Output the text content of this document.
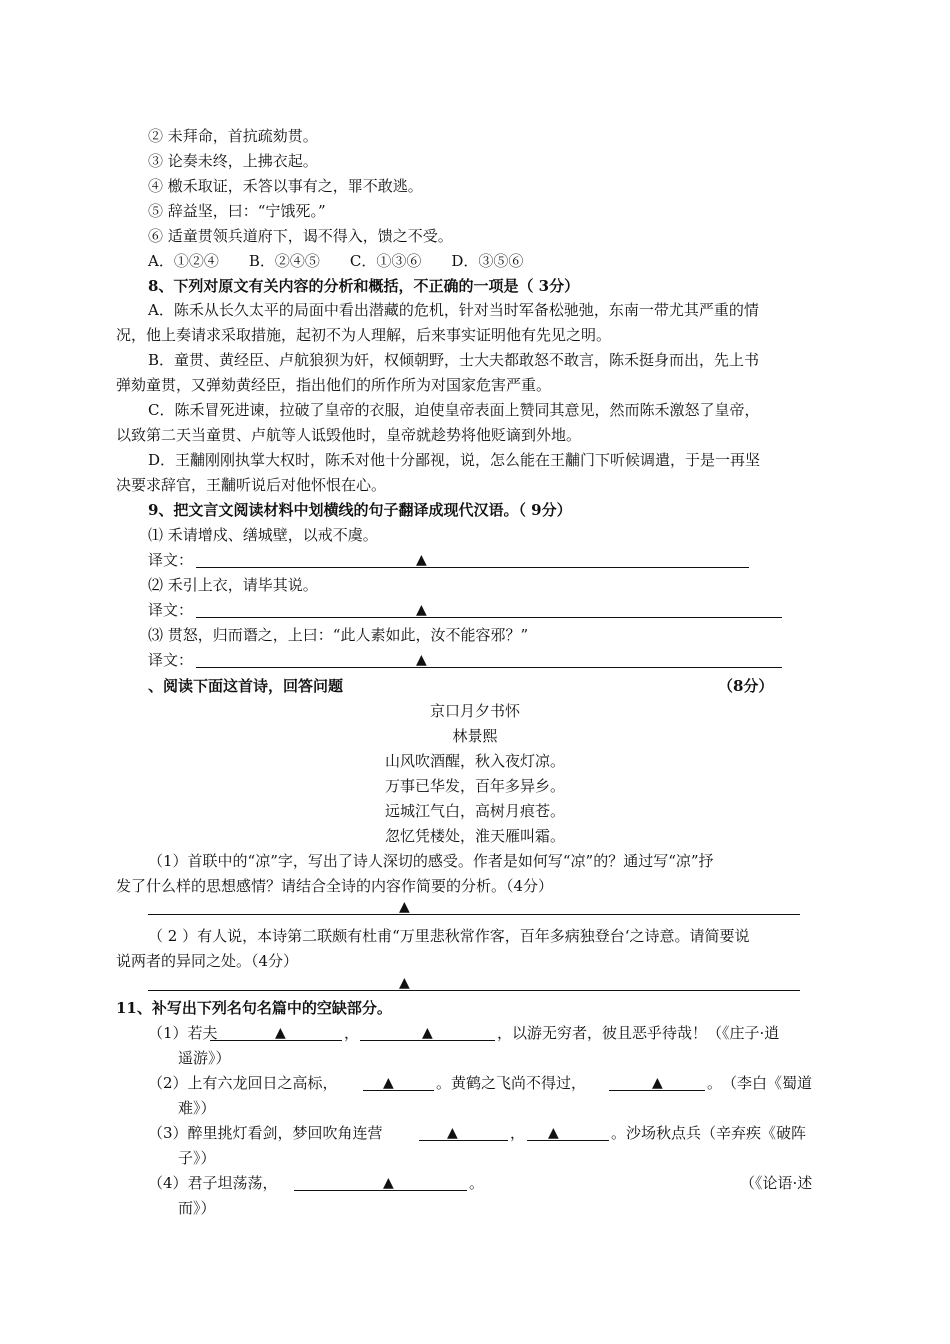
② 未拜命，首抗疏劾贯。
③ 论奏未终，上拂衣起。
④ 檄禾取证，禾答以事有之，罪不敢逃。
⑤ 辞益坚，曰：“宁饿死。”
⑥ 适童贯领兵道府下，谒不得入，馈之不受。
A．①②④　　B．②④⑤　　C．①③⑥　　D．③⑤⑥
8、下列对原文有关内容的分析和概括，不正确的一项是（ 3分）
A．陈禾从长久太平的局面中看出潜藏的危机，针对当时军备松驰弛，东南一带尤其严重的情
况，他上奏请求采取措施，起初不为人理解，后来事实证明他有先见之明。
B．童贯、黄经臣、卢航狼狈为奸，权倾朝野，士大夫都敢怒不敢言，陈禾挺身而出，先上书
弹劾童贯，又弹劾黄经臣，指出他们的所作所为对国家危害严重。
C．陈禾冒死进谏，拉破了皇帝的衣服，迫使皇帝表面上赞同其意见，然而陈禾激怒了皇帝，
以致第二天当童贯、卢航等人诋毁他时，皇帝就趁势将他贬谪到外地。
D．王黼刚刚执掌大权时，陈禾对他十分鄙视，说，怎么能在王黼门下听候调遣，于是一再坚
决要求辞官，王黼听说后对他怀恨在心。
9、把文言文阅读材料中划横线的句子翻译成现代汉语。（ 9分）
⑴ 禾请增戍、缮城壁，以戒不虞。
译文：	▲
⑵ 禾引上衣，请毕其说。
译文：	▲
⑶ 贯怒，归而谮之，上曰：“此人素如此，汝不能容邪？”
译文：	▲
、阅读下面这首诗，回答问题	（8分）
京口月夕书怀
林景熙
山风吹酒醒，秋入夜灯凉。
万事已华发，百年多异乡。
远城江气白，高树月痕苍。
忽忆凭楼处，淮天雁叫霜。
（1）首联中的“凉”字，写出了诗人深切的感受。作者是如何写“凉”的？通过写“凉”抒
发了什么样的思想感情？请结合全诗的内容作简要的分析。（4分）
▲
（ 2 ）有人说，本诗第二联颇有杜甫“万里悲秋常作客，百年多病独登台‘之诗意。请简要说
说两者的异同之处。（4分）
▲
11、补写出下列名句名篇中的空缺部分。
（1）若夫	▲	，	▲	，以游无穷者，彼且恶乎待哉！（《庄子·逍
遥游》）
（2）上有六龙回日之高标，	▲	。黄鹤之飞尚不得过，	▲	。　（李白《蜀道
难》）
（3）醉里挑灯看剑，梦回吹角连营	▲	， ▲	。沙场秋点兵（辛弃疾《破阵
子》）
（4）君子坦荡荡，	▲	。	（《论语·述
而》）
